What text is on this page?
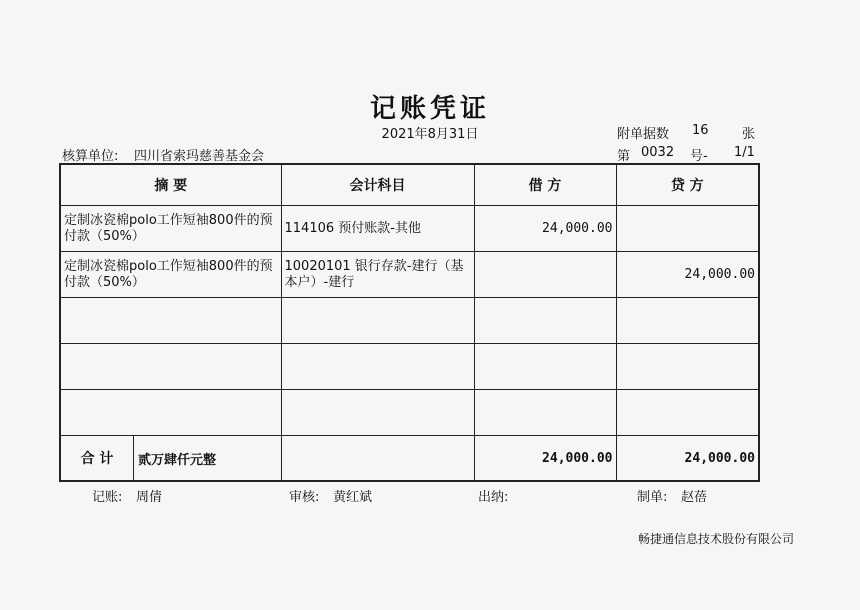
记账凭证
2021年8月31日	附单据数 16	张
核算单位: 四川省索玛慈善基金会	第 0032 号- 1/1
摘 要	会计科目	借 方	贷 方
定制冰瓷棉polo工作短袖800件的预付款（50%）	114106 预付账款-其他	24,000.00	
定制冰瓷棉polo工作短袖800件的预付款（50%）	10020101 银行存款-建行（基本户）-建行		24,000.00

合 计 贰万肆仟元整		24,000.00	24,000.00
记账: 周倩	审核: 黄红斌	出纳:	制单: 赵蓓
畅捷通信息技术股份有限公司
